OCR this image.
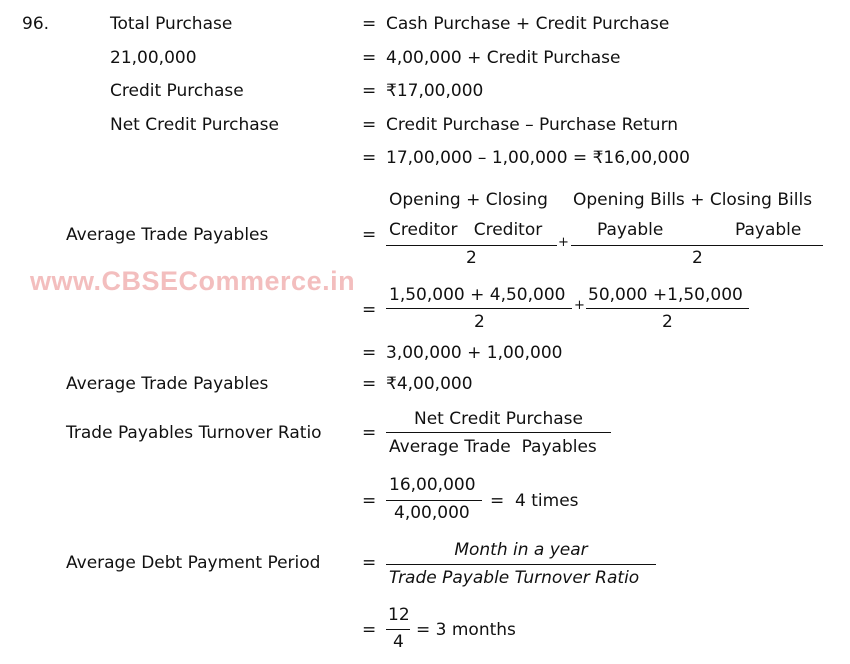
96.	Total Purchase	= Cash Purchase + Credit Purchase
21,00,000	= 4,00,000 + Credit Purchase
Credit Purchase	= ₹17,00,000
Net Credit Purchase	= Credit Purchase – Purchase Return
= 17,00,000 – 1,00,000 = ₹16,00,000
Opening + Closing Opening Bills + Closing Bills
Average Trade Payables	= Creditor   Creditor	Payable	Payable
+
2	2
www.CBSECommerce.in 1,50,000 + 4,50,000 50,000 +1,50,000
=	+
2	2
= 3,00,000 + 1,00,000
Average Trade Payables	= ₹4,00,000
Net Credit Purchase
Trade Payables Turnover Ratio =
Average Trade  Payables
16,00,000
=	=  4 times
4,00,000
Month in a year
Average Debt Payment Period =
Trade Payable Turnover Ratio
12
= = 3 months
4
